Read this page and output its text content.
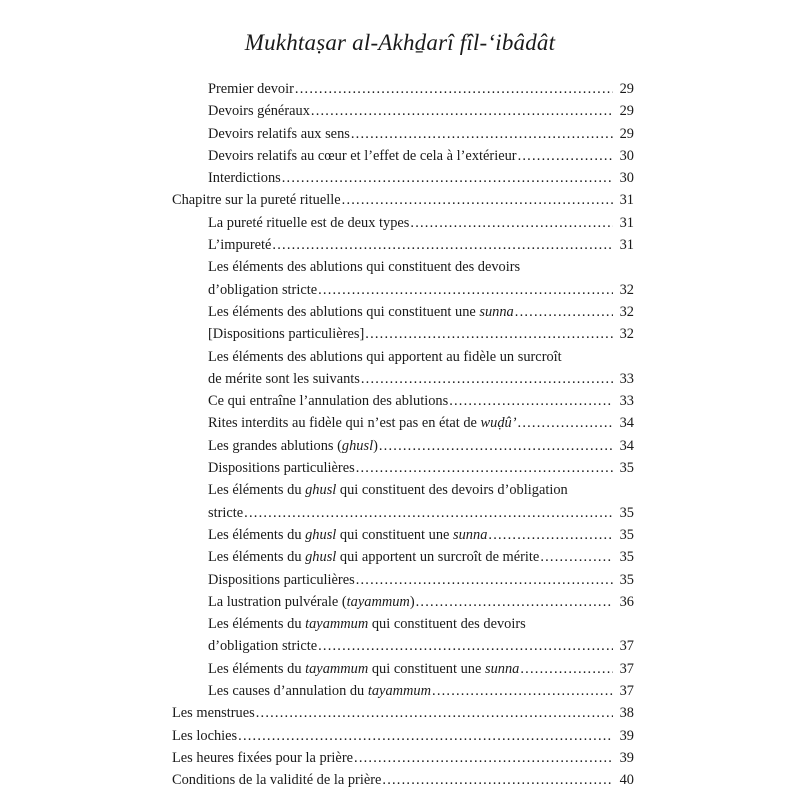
Mukhtaṣar al-Akhḏarî fîl-‘ibâdât
Premier devoir .....	29
Devoirs généraux .....	29
Devoirs relatifs aux sens .....	29
Devoirs relatifs au cœur et l’effet de cela à l’extérieur .....	30
Interdictions .....	30
Chapitre sur la pureté rituelle .....	31
La pureté rituelle est de deux types .....	31
L’impureté .....	31
Les éléments des ablutions qui constituent des devoirs
d’obligation stricte .....	32
Les éléments des ablutions qui constituent une sunna .....	32
[Dispositions particulières] .....	32
Les éléments des ablutions qui apportent au fidèle un surcroît
de mérite sont les suivants .....	33
Ce qui entraîne l’annulation des ablutions .....	33
Rites interdits au fidèle qui n’est pas en état de wuḍû’ .....	34
Les grandes ablutions (ghusl) .....	34
Dispositions particulières .....	35
Les éléments du ghusl qui constituent des devoirs d’obligation
stricte .....	35
Les éléments du ghusl qui constituent une sunna .....	35
Les éléments du ghusl qui apportent un surcroît de mérite .....	35
Dispositions particulières .....	35
La lustration pulvérale (tayammum) .....	36
Les éléments du tayammum qui constituent des devoirs
d’obligation stricte .....	37
Les éléments du tayammum qui constituent une sunna .....	37
Les causes d’annulation du tayammum .....	37
Les menstrues .....	38
Les lochies .....	39
Les heures fixées pour la prière .....	39
Conditions de la validité de la prière .....	40
